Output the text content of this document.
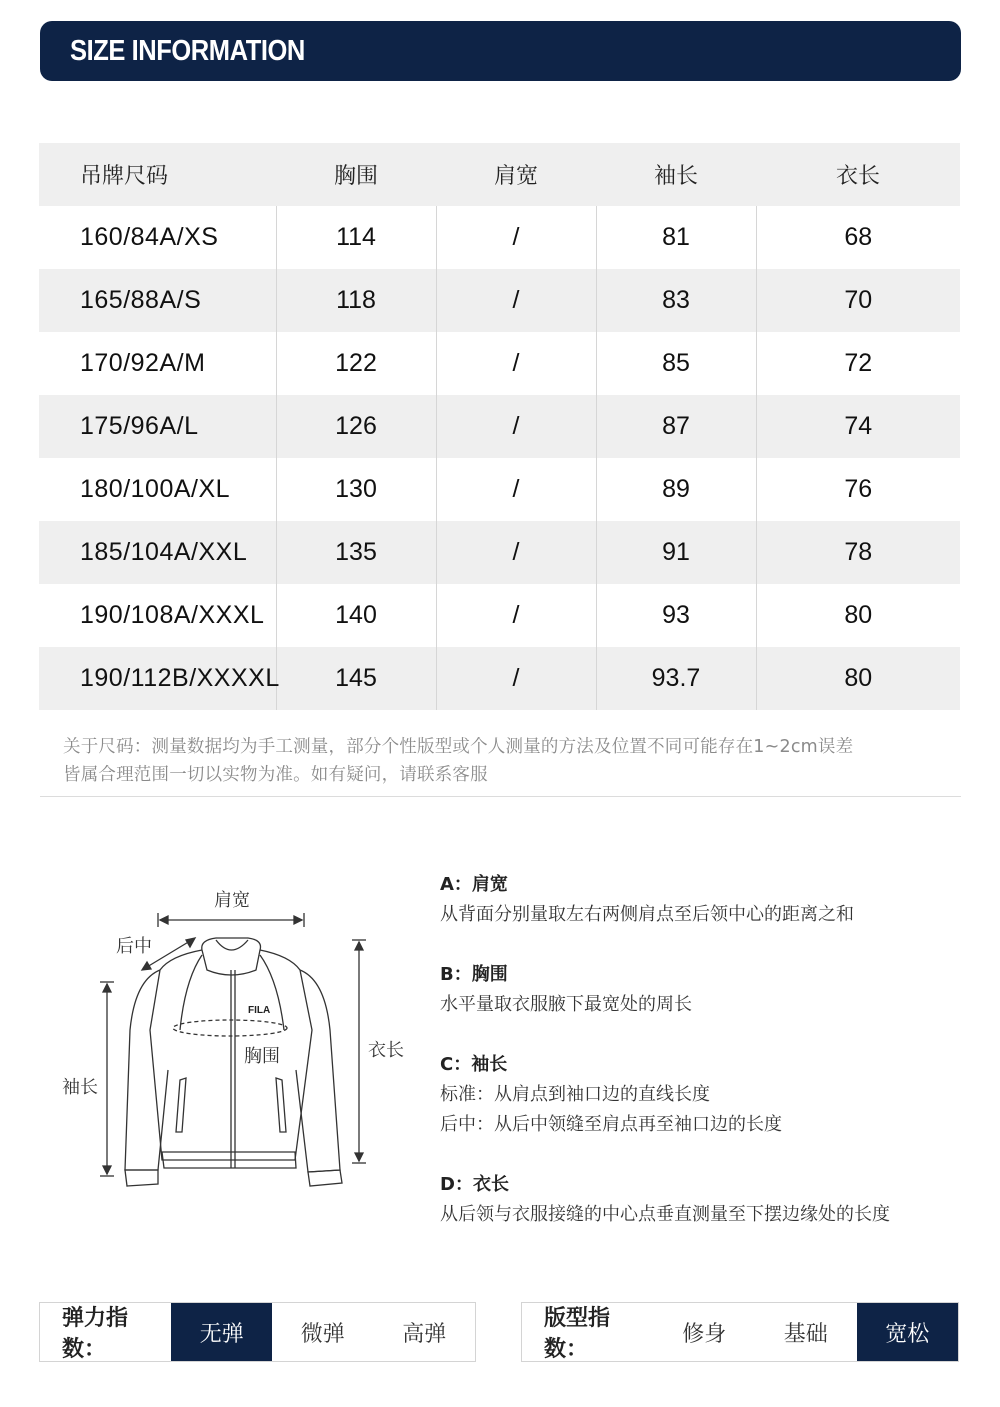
SIZE INFORMATION
吊牌尺码	胸围	肩宽	袖长	衣长
160/84A/XS	114	/	81	68
165/88A/S	118	/	83	70
170/92A/M	122	/	85	72
175/96A/L	126	/	87	74
180/100A/XL	130	/	89	76
185/104A/XXL	135	/	91	78
190/108A/XXXL	140	/	93	80
190/112B/XXXXL	145	/	93.7	80
关于尺码：测量数据均为手工测量，部分个性版型或个人测量的方法及位置不同可能存在1~2cm误差
皆属合理范围一切以实物为准。如有疑问，请联系客服
FILA
肩宽
后中
胸围	衣长
袖长
A：肩宽
从背面分别量取左右两侧肩点至后领中心的距离之和
B：胸围
水平量取衣服腋下最宽处的周长
C：袖长
标准：从肩点到袖口边的直线长度
后中：从后中领缝至肩点再至袖口边的长度
D：衣长
从后领与衣服接缝的中心点垂直测量至下摆边缘处的长度
弹力指数：
无弹	微弹	高弹
版型指数：
修身	基础	宽松
